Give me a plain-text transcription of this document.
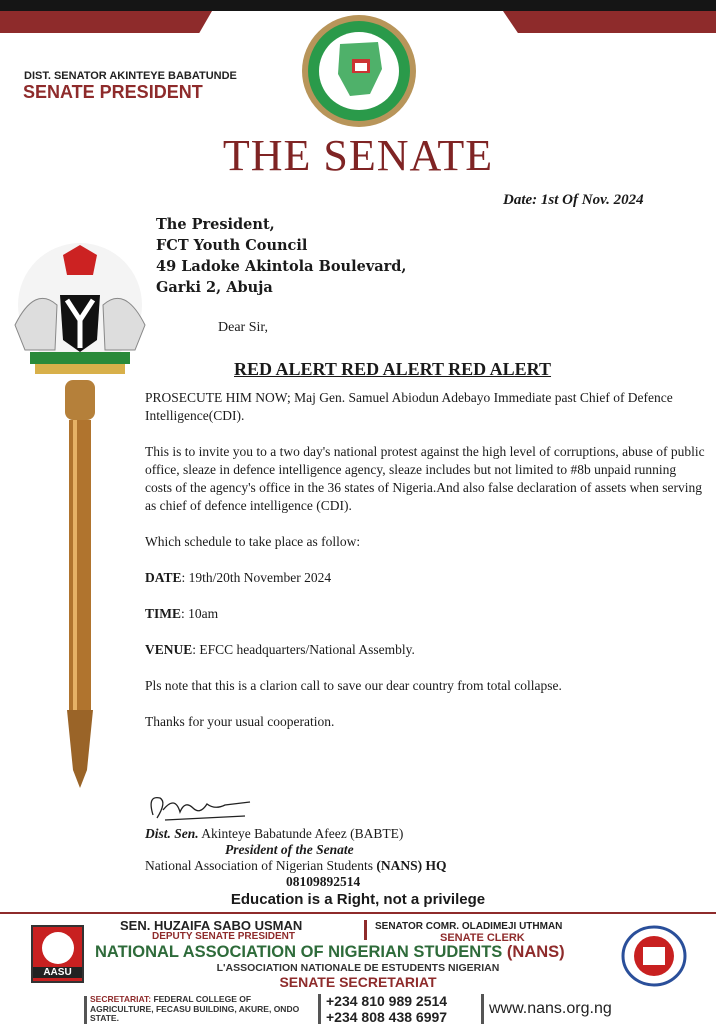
DIST. SENATOR AKINTEYE BABATUNDE
SENATE PRESIDENT
THE SENATE
Date: 1st Of Nov. 2024
The President,
FCT Youth Council
49 Ladoke Akintola Boulevard,
Garki 2, Abuja
Dear Sir,
RED ALERT RED ALERT RED ALERT

PROSECUTE HIM NOW; Maj Gen. Samuel Abiodun Adebayo Immediate past Chief of Defence Intelligence(CDI).

This is to invite you to a two day's national protest against the high level of corruptions, abuse of public office, sleaze in defence intelligence agency, sleaze includes but not limited to #8b unpaid running costs of the agency's office in the 36 states of Nigeria.And also false declaration of assets when serving as chief of defence intelligence (CDI).

Which schedule to take place as follow:

DATE: 19th/20th November 2024

TIME: 10am

VENUE: EFCC headquarters/National Assembly.

Pls note that this is a clarion call to save our dear country from total collapse.

Thanks for your usual cooperation.

Dist. Sen. Akinteye Babatunde Afeez (BABTE)
President of the Senate
National Association of Nigerian Students (NANS) HQ
08109892514
Education is a Right, not a privilege
AASU
SEN. HUZAIFA SABO USMAN
DEPUTY SENATE PRESIDENT
SENATOR COMR. OLADIMEJI UTHMAN
SENATE CLERK
NATIONAL ASSOCIATION OF NIGERIAN STUDENTS (NANS)
L'ASSOCIATION NATIONALE DE ESTUDENTS NIGERIAN
SENATE SECRETARIAT
SECRETARIAT: FEDERAL COLLEGE OF AGRICULTURE, FECASU BUILDING, AKURE, ONDO STATE.
+234 810 989 2514
+234 808 438 6997	www.nans.org.ng
